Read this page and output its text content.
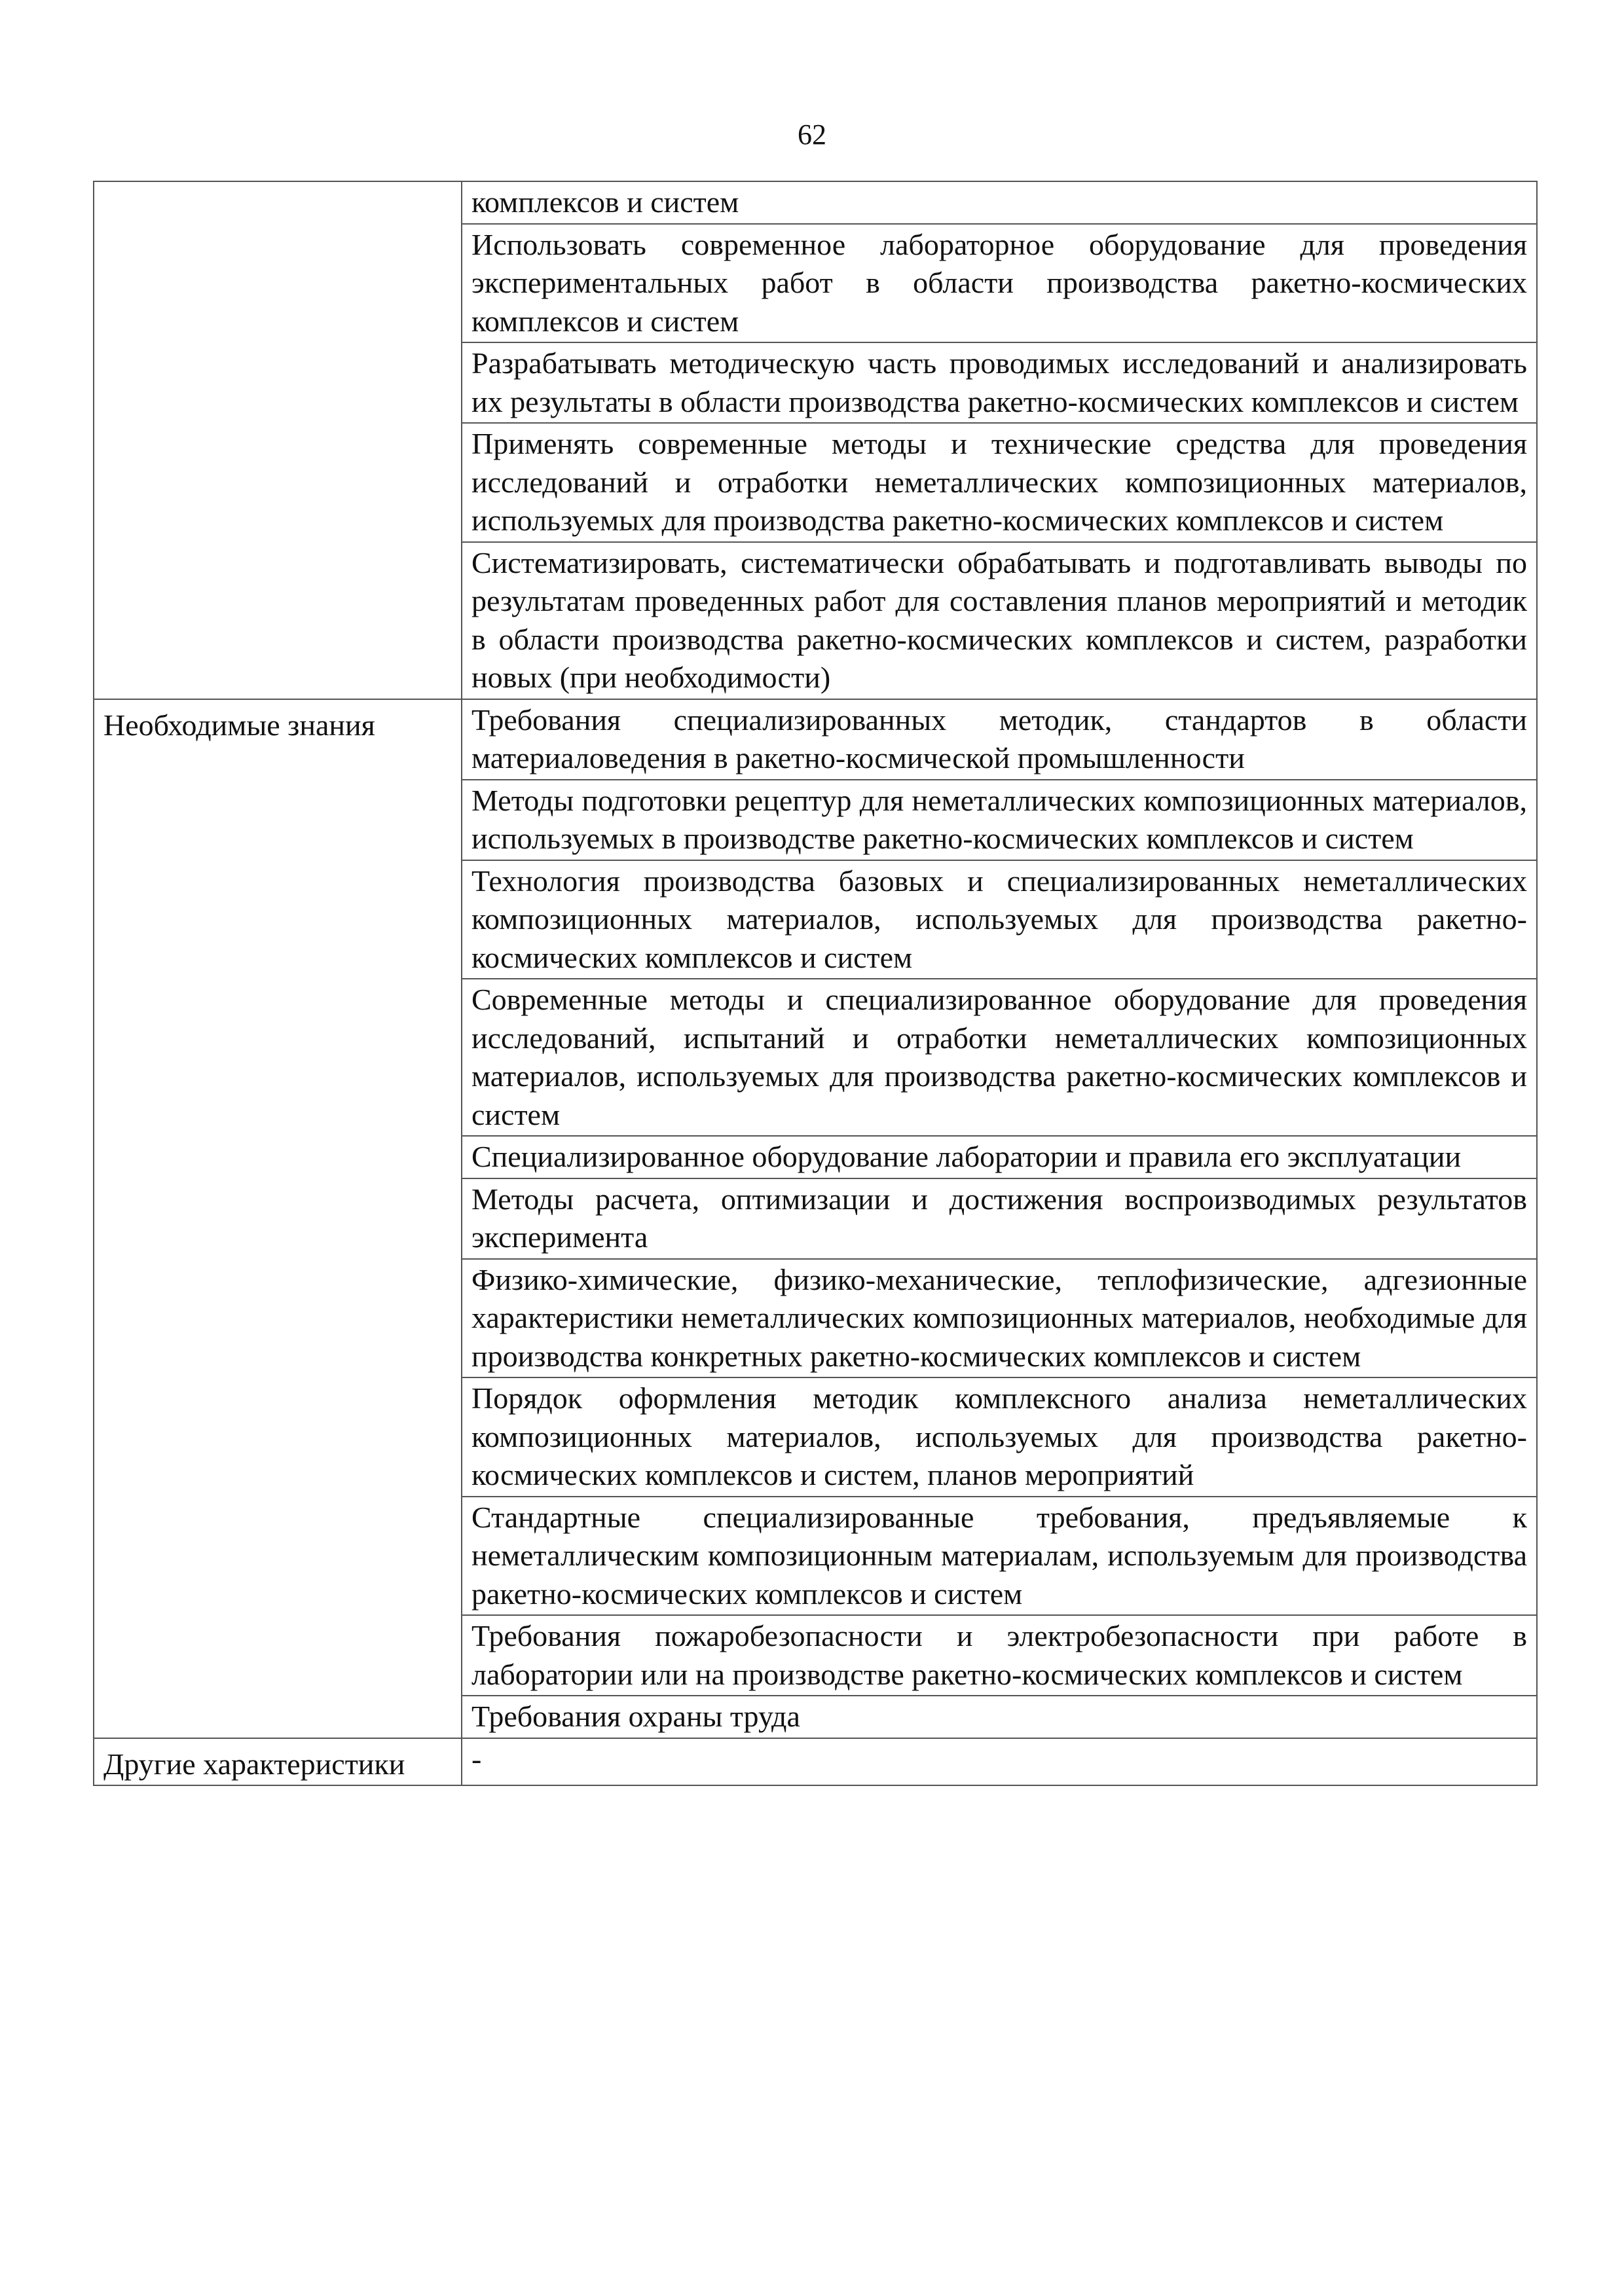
62
	комплексов и систем
	Использовать современное лабораторное оборудование для проведения экспериментальных работ в области производства ракетно-космических комплексов и систем
	Разрабатывать методическую часть проводимых исследований и анализировать их результаты в области производства ракетно-космических комплексов и систем
	Применять современные методы и технические средства для проведения исследований и отработки неметаллических композиционных материалов, используемых для производства ракетно-космических комплексов и систем
	Систематизировать, систематически обрабатывать и подготавливать выводы по результатам проведенных работ для составления планов мероприятий и методик в области производства ракетно-космических комплексов и систем, разработки новых (при необходимости)
Необходимые знания	Требования специализированных методик, стандартов в области материаловедения в ракетно-космической промышленности
	Методы подготовки рецептур для неметаллических композиционных материалов, используемых в производстве ракетно-космических комплексов и систем
	Технология производства базовых и специализированных неметаллических композиционных материалов, используемых для производства ракетно-космических комплексов и систем
	Современные методы и специализированное оборудование для проведения исследований, испытаний и отработки неметаллических композиционных материалов, используемых для производства ракетно-космических комплексов и систем
	Специализированное оборудование лаборатории и правила его эксплуатации
	Методы расчета, оптимизации и достижения воспроизводимых результатов эксперимента
	Физико-химические, физико-механические, теплофизические, адгезионные характеристики неметаллических композиционных материалов, необходимые для производства конкретных ракетно-космических комплексов и систем
	Порядок оформления методик комплексного анализа неметаллических композиционных материалов, используемых для производства ракетно-космических комплексов и систем, планов мероприятий
	Стандартные специализированные требования, предъявляемые к неметаллическим композиционным материалам, используемым для производства ракетно-космических комплексов и систем
	Требования пожаробезопасности и электробезопасности при работе в лаборатории или на производстве ракетно-космических комплексов и систем
	Требования охраны труда
Другие характеристики	-
